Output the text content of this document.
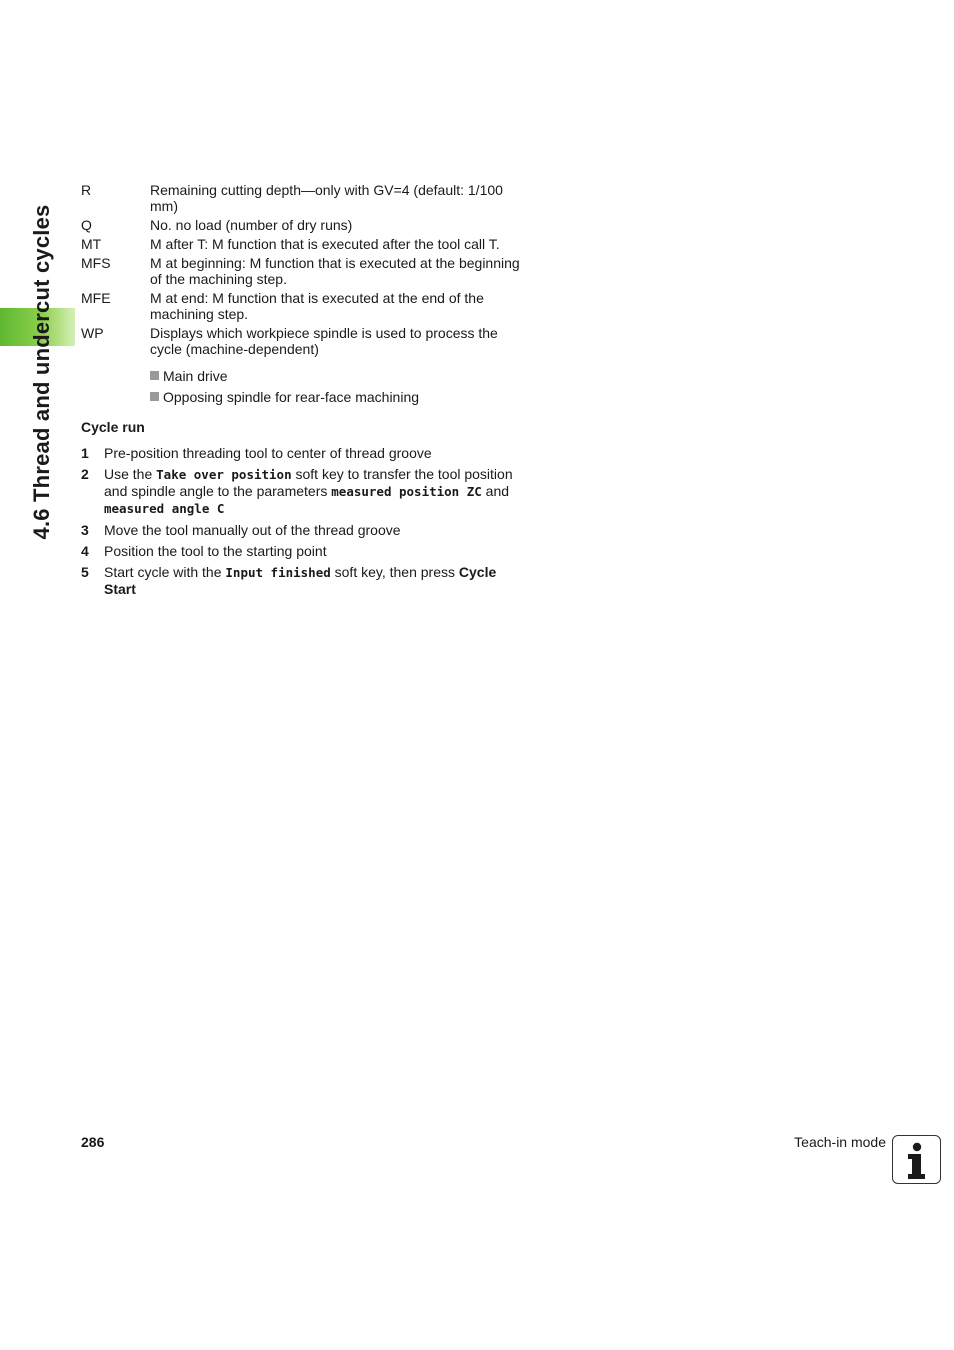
4.6 Thread and undercut cycles
R	Remaining cutting depth—only with GV=4 (default: 1/100 mm)
Q	No. no load (number of dry runs)
MT	M after T: M function that is executed after the tool call T.
MFS	M at beginning: M function that is executed at the beginning of the machining step.
MFE	M at end: M function that is executed at the end of the machining step.
WP	Displays which workpiece spindle is used to process the cycle (machine-dependent)
Main drive
Opposing spindle for rear-face machining
Cycle run
1	Pre-position threading tool to center of thread groove
2	Use the Take over position soft key to transfer the tool position and spindle angle to the parameters measured position ZC and
measured angle C
3	Move the tool manually out of the thread groove
4	Position the tool to the starting point
5	Start cycle with the Input finished soft key, then press Cycle Start
286	Teach-in mode
